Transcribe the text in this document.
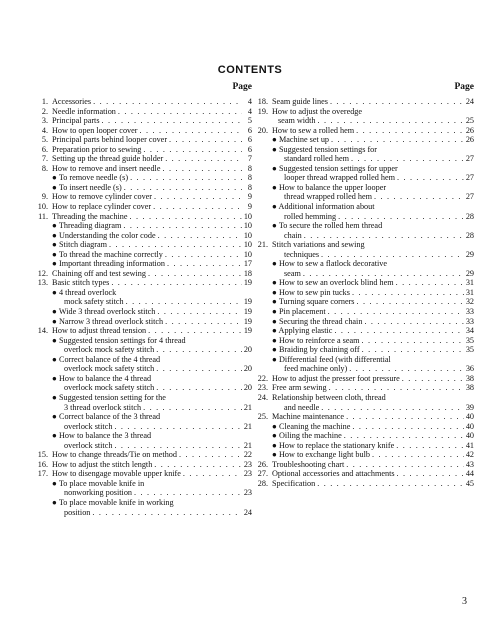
CONTENTS
Page
1. Accessories . . .	4
2. Needle information . . .	4
3. Principal parts . . .	5
4. How to open looper cover . . .	6
5. Principal parts behind looper cover . . .	6
6. Preparation prior to sewing . . .	6
7. Setting up the thread guide holder . . .	7
8. How to remove and insert needle . . .	8
● To remove needle (s) . . .	8
● To insert needle (s) . . .	8
9. How to remove cylinder cover . . .	9
10. How to replace cylinder cover . . .	9
11. Threading the machine . . .	10
● Threading diagram . . .	10
● Understanding the color code . . .	10
● Stitch diagram . . .	10
● To thread the machine correctly . . .	10
● Important threading information . . .	17
12. Chaining off and test sewing . . .	18
13. Basic stitch types . . .	19
● 4 thread overlock
mock safety stitch . . .	19
● Wide 3 thread overlock stitch . . .	19
● Narrow 3 thread overlock stitch . . .	19
14. How to adjust thread tension . . .	19
● Suggested tension settings for 4 thread
overlock mock safety stitch . . .	20
● Correct balance of the 4 thread
overlock mock safety stitch . . .	20
● How to balance the 4 thread
overlock mock safety stitch . . .	20
● Suggested tension setting for the
3 thread overlock stitch . . .	21
● Correct balance of the 3 thread
overlock stitch . . .	21
● How to balance the 3 thread
overlock stitch . . .	21
15. How to change threads/Tie on method . . .	22
16. How to adjust the stitch length . . .	23
17. How to disengage movable upper knife . . .	23
● To place movable knife in
nonworking position . . .	23
● To place movable knife in working
position . . .	24
Page
18. Seam guide lines . . .	24
19. How to adjust the overedge
seam width . . .	25
20. How to sew a rolled hem . . .	26
● Machine set up . . .	26
● Suggested tension settings for
standard rolled hem . . .	27
● Suggested tension settings for upper
looper thread wrapped rolled hem . . .	27
● How to balance the upper looper
thread wrapped rolled hem . . .	27
● Additional information about
rolled hemming . . .	28
● To secure the rolled hem thread
chain . . .	28
21. Stitch variations and sewing
techniques . . .	29
● How to sew a flatlock decorative
seam . . .	29
● How to sew an overlock blind hem . . .	31
● How to sew pin tucks . . .	31
● Turning square corners . . .	32
● Pin placement . . .	33
● Securing the thread chain . . .	33
● Applying elastic . . .	34
● How to reinforce a seam . . .	35
● Braiding by chaining off . . .	35
● Differential feed (with differential
feed machine only) . . .	36
22. How to adjust the presser foot pressure . . .	38
23. Free arm sewing . . .	38
24. Relationship between cloth, thread
and needle . . .	39
25. Machine maintenance . . .	40
● Cleaning the machine . . .	40
● Oiling the machine . . .	40
● How to replace the stationary knife . . .	41
● How to exchange light bulb . . .	42
26. Troubleshooting chart . . .	43
27. Optional accessories and attachments . . .	44
28. Specification . . .	45
3
